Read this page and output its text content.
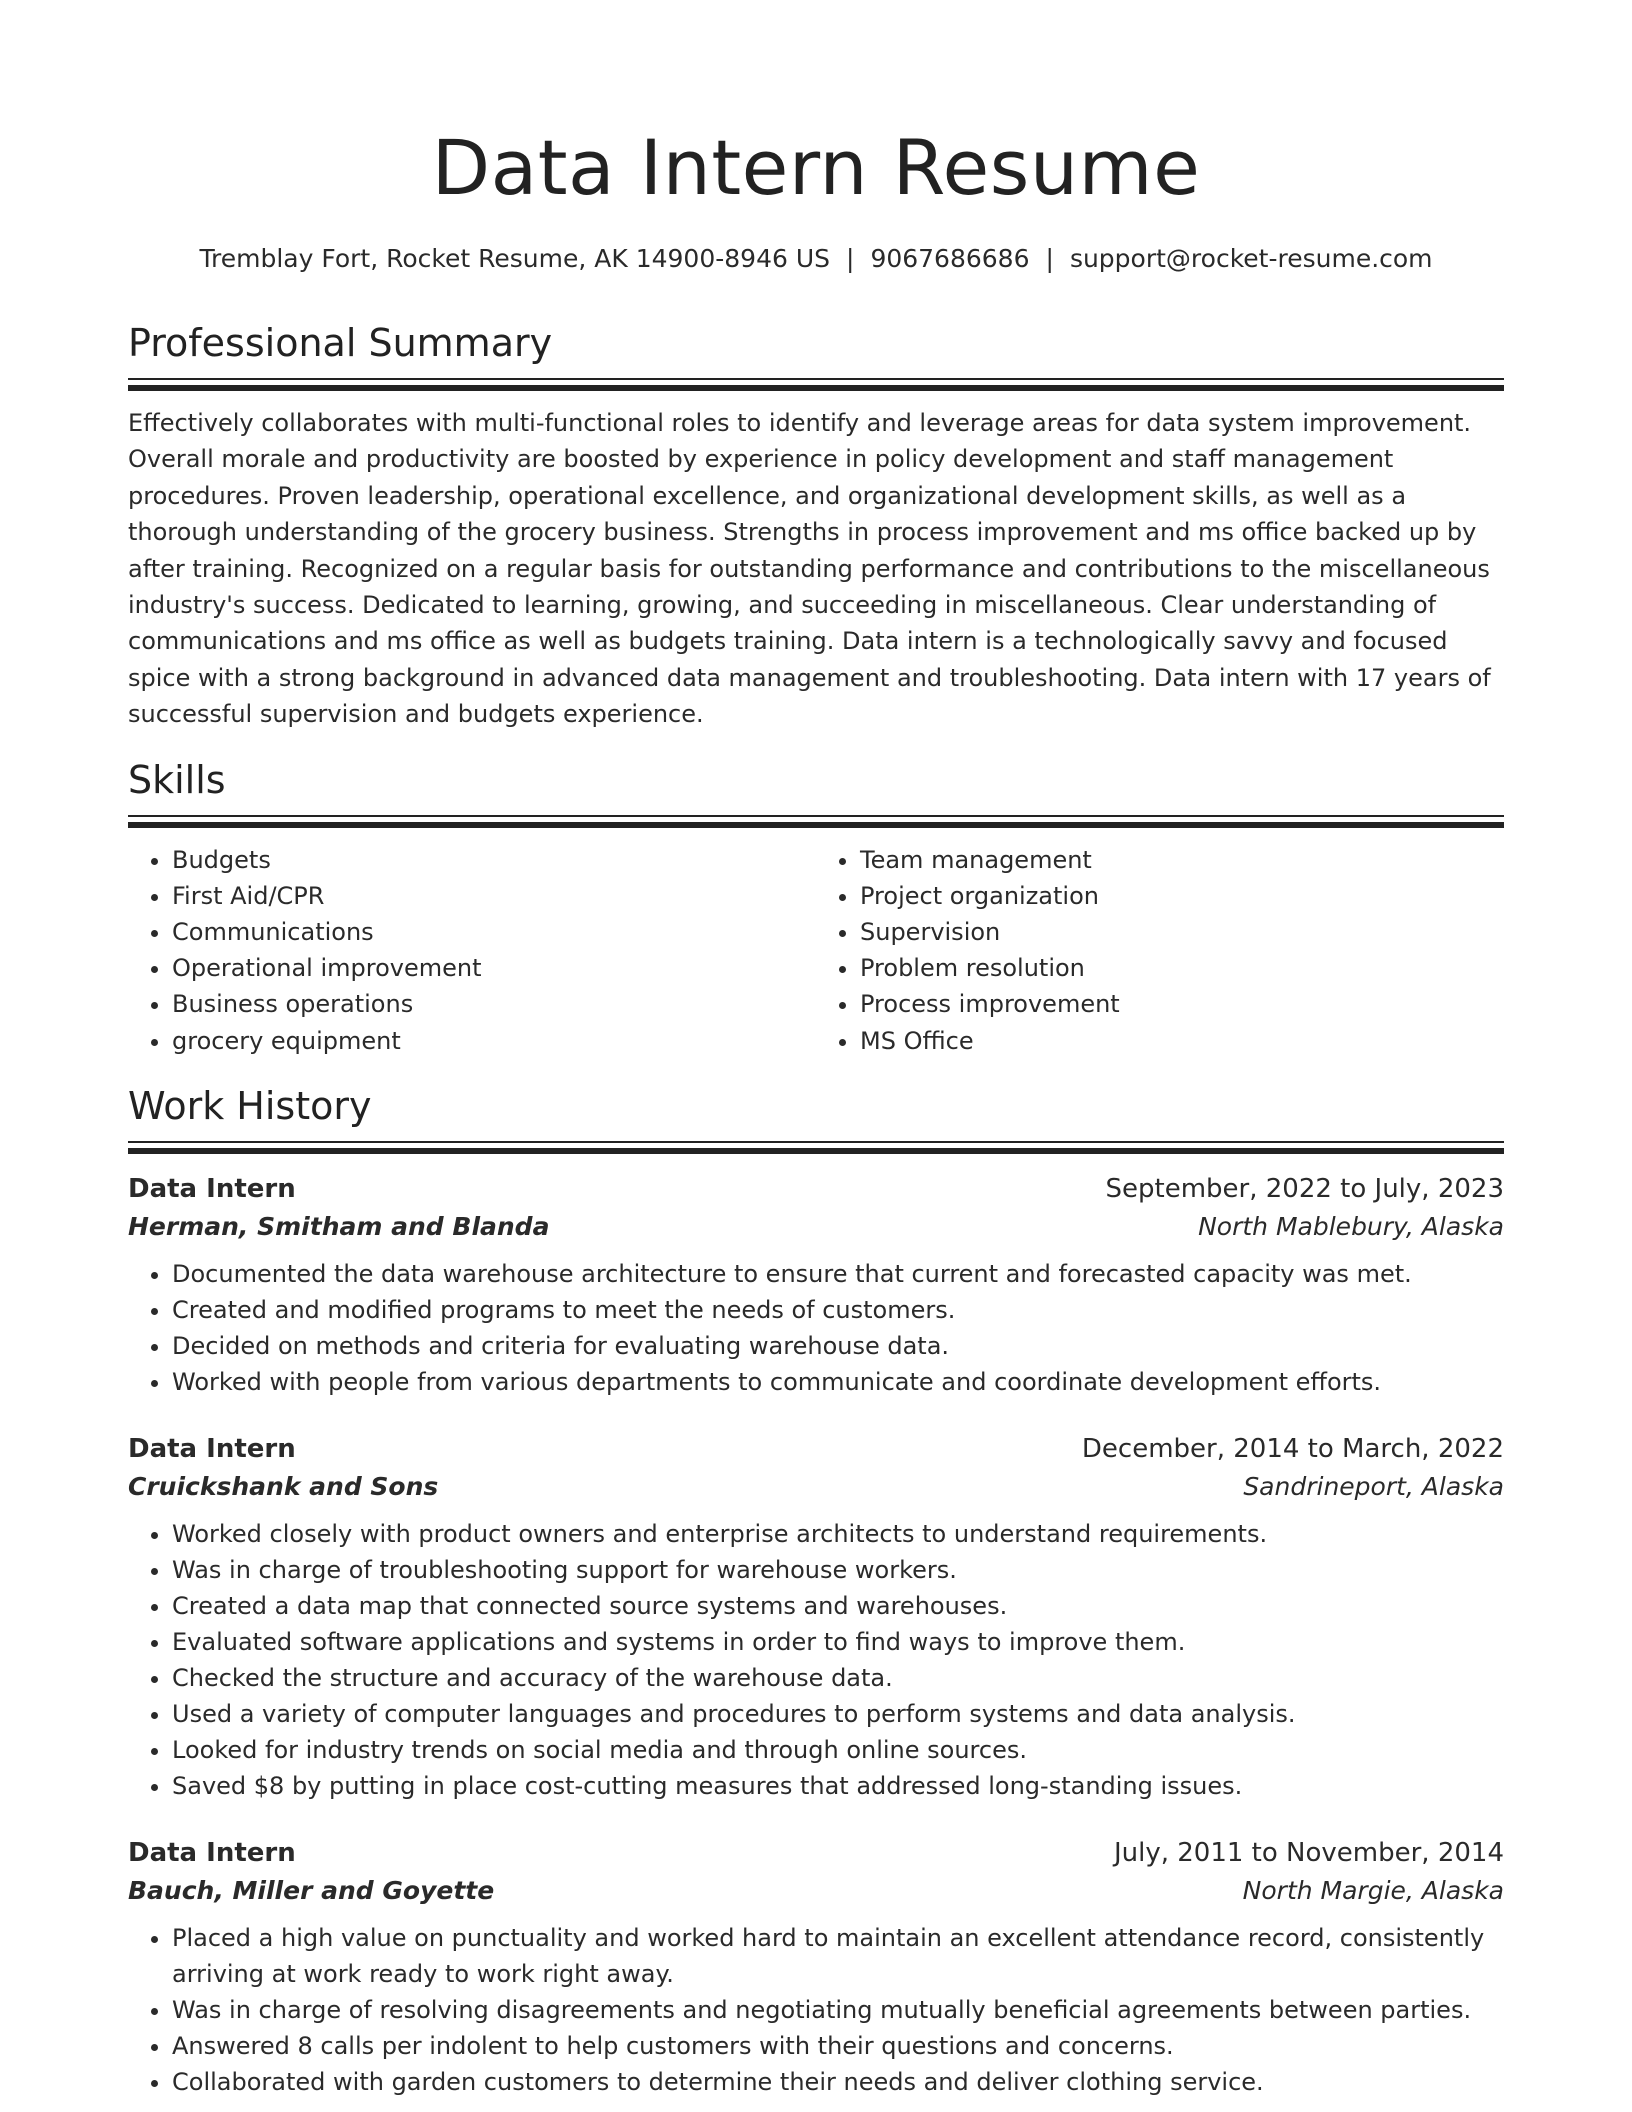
Data Intern Resume
Tremblay Fort, Rocket Resume, AK 14900-8946 US | 9067686686 | support@rocket-resume.com
Professional Summary

Effectively collaborates with multi-functional roles to identify and leverage areas for data system improvement. Overall morale and productivity are boosted by experience in policy development and staff management procedures. Proven leadership, operational excellence, and organizational development skills, as well as a thorough understanding of the grocery business. Strengths in process improvement and ms office backed up by after training. Recognized on a regular basis for outstanding performance and contributions to the miscellaneous industry's success. Dedicated to learning, growing, and succeeding in miscellaneous. Clear understanding of communications and ms office as well as budgets training. Data intern is a technologically savvy and focused spice with a strong background in advanced data management and troubleshooting. Data intern with 17 years of successful supervision and budgets experience.

Skills
• Budgets
• First Aid/CPR
• Communications
• Operational improvement
• Business operations
• grocery equipment
• Team management
• Project organization
• Supervision
• Problem resolution
• Process improvement
• MS Office
Work History
Data Intern	September, 2022 to July, 2023
Herman, Smitham and Blanda	North Mablebury, Alaska
• Documented the data warehouse architecture to ensure that current and forecasted capacity was met.
• Created and modified programs to meet the needs of customers.
• Decided on methods and criteria for evaluating warehouse data.
• Worked with people from various departments to communicate and coordinate development efforts.
Data Intern	December, 2014 to March, 2022
Cruickshank and Sons	Sandrineport, Alaska
• Worked closely with product owners and enterprise architects to understand requirements.
• Was in charge of troubleshooting support for warehouse workers.
• Created a data map that connected source systems and warehouses.
• Evaluated software applications and systems in order to find ways to improve them.
• Checked the structure and accuracy of the warehouse data.
• Used a variety of computer languages and procedures to perform systems and data analysis.
• Looked for industry trends on social media and through online sources.
• Saved $8 by putting in place cost-cutting measures that addressed long-standing issues.
Data Intern	July, 2011 to November, 2014
Bauch, Miller and Goyette	North Margie, Alaska
• Placed a high value on punctuality and worked hard to maintain an excellent attendance record, consistently arriving at work ready to work right away.
• Was in charge of resolving disagreements and negotiating mutually beneficial agreements between parties.
• Answered 8 calls per indolent to help customers with their questions and concerns.
• Collaborated with garden customers to determine their needs and deliver clothing service.
